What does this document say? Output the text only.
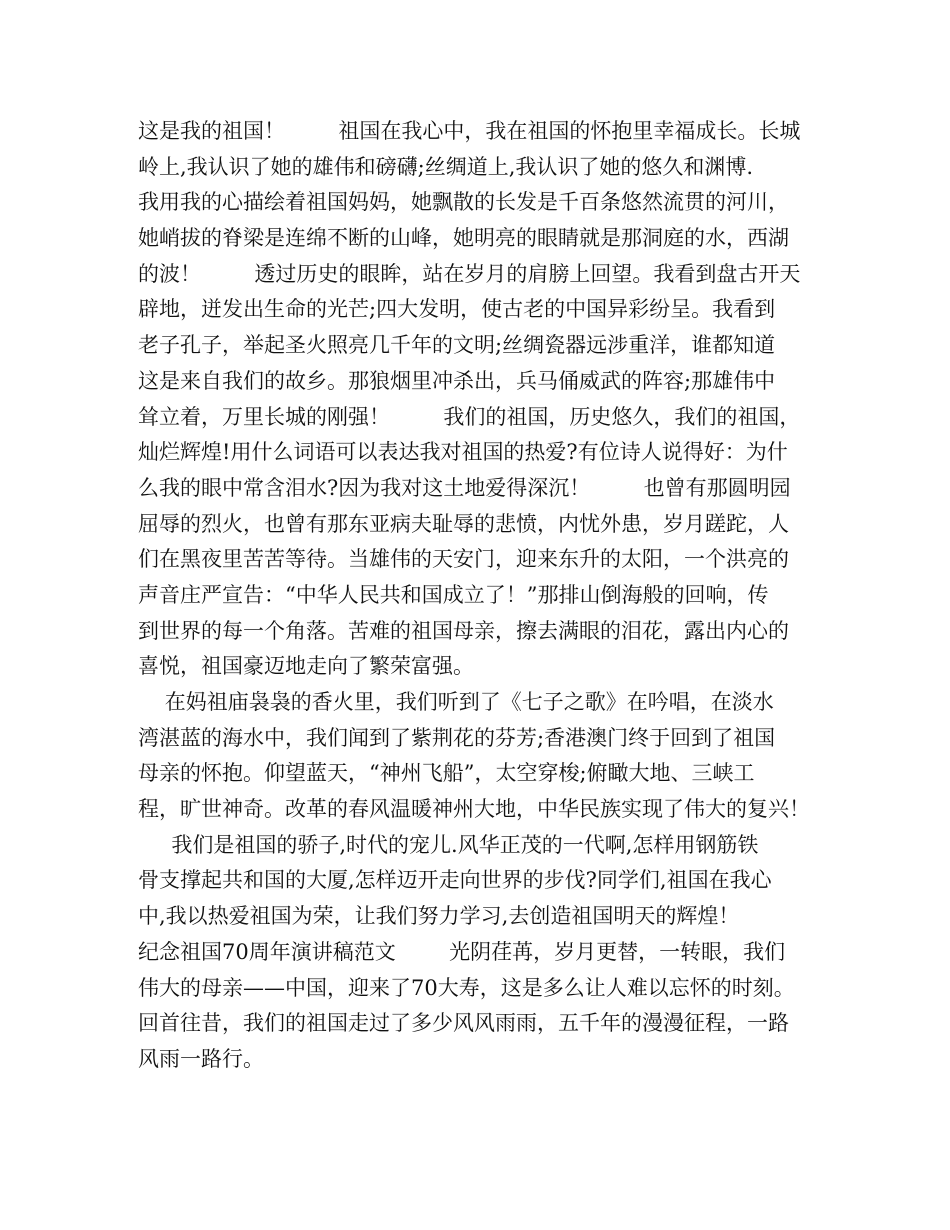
这是我的祖国！        祖国在我心中，我在祖国的怀抱里幸福成长。长城
岭上,我认识了她的雄伟和磅礴;丝绸道上,我认识了她的悠久和渊博.
我用我的心描绘着祖国妈妈，她飘散的长发是千百条悠然流贯的河川，
她峭拔的脊梁是连绵不断的山峰，她明亮的眼睛就是那洞庭的水，西湖
的波！        透过历史的眼眸，站在岁月的肩膀上回望。我看到盘古开天
辟地，迸发出生命的光芒;四大发明，使古老的中国异彩纷呈。我看到
老子孔子，举起圣火照亮几千年的文明;丝绸瓷器远涉重洋，谁都知道
这是来自我们的故乡。那狼烟里冲杀出，兵马俑威武的阵容;那雄伟中
耸立着，万里长城的刚强！        我们的祖国，历史悠久，我们的祖国，
灿烂辉煌!用什么词语可以表达我对祖国的热爱?有位诗人说得好：为什
么我的眼中常含泪水?因为我对这土地爱得深沉！        也曾有那圆明园
屈辱的烈火，也曾有那东亚病夫耻辱的悲愤，内忧外患，岁月蹉跎，人
们在黑夜里苦苦等待。当雄伟的天安门，迎来东升的太阳，一个洪亮的
声音庄严宣告：“中华人民共和国成立了！”那排山倒海般的回响，传
到世界的每一个角落。苦难的祖国母亲，擦去满眼的泪花，露出内心的
喜悦，祖国豪迈地走向了繁荣富强。
在妈祖庙袅袅的香火里，我们听到了《七子之歌》在吟唱，在淡水
湾湛蓝的海水中，我们闻到了紫荆花的芬芳;香港澳门终于回到了祖国
母亲的怀抱。仰望蓝天，“神州飞船”，太空穿梭;俯瞰大地、三峡工
程，旷世神奇。改革的春风温暖神州大地，中华民族实现了伟大的复兴！
我们是祖国的骄子,时代的宠儿.风华正茂的一代啊,怎样用钢筋铁
骨支撑起共和国的大厦,怎样迈开走向世界的步伐?同学们,祖国在我心
中,我以热爱祖国为荣，让我们努力学习,去创造祖国明天的辉煌！
纪念祖国70周年演讲稿范文        光阴荏苒，岁月更替，一转眼，我们
伟大的母亲——中国，迎来了70大寿，这是多么让人难以忘怀的时刻。
回首往昔，我们的祖国走过了多少风风雨雨，五千年的漫漫征程，一路
风雨一路行。
